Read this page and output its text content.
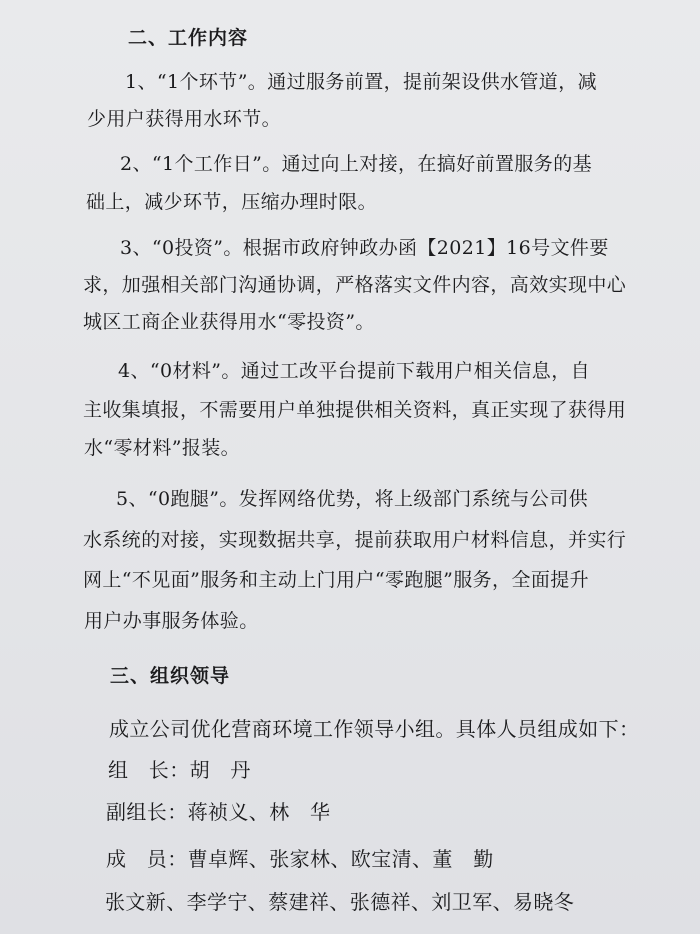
二、工作内容
1、“1个环节”。通过服务前置，提前架设供水管道，减
少用户获得用水环节。
2、“1个工作日”。通过向上对接，在搞好前置服务的基
础上，减少环节，压缩办理时限。
3、“0投资”。根据市政府钟政办函【2021】16号文件要
求，加强相关部门沟通协调，严格落实文件内容，高效实现中心
城区工商企业获得用水“零投资”。
4、“0材料”。通过工改平台提前下载用户相关信息，自
主收集填报，不需要用户单独提供相关资料，真正实现了获得用
水“零材料”报装。
5、“0跑腿”。发挥网络优势，将上级部门系统与公司供
水系统的对接，实现数据共享，提前获取用户材料信息，并实行
网上“不见面”服务和主动上门用户“零跑腿”服务，全面提升
用户办事服务体验。
三、组织领导
成立公司优化营商环境工作领导小组。具体人员组成如下：
组　长：胡　丹
副组长：蒋祯义、林　华
成　员：曹卓辉、张家林、欧宝清、董　勤
张文新、李学宁、蔡建祥、张德祥、刘卫军、易晓冬
